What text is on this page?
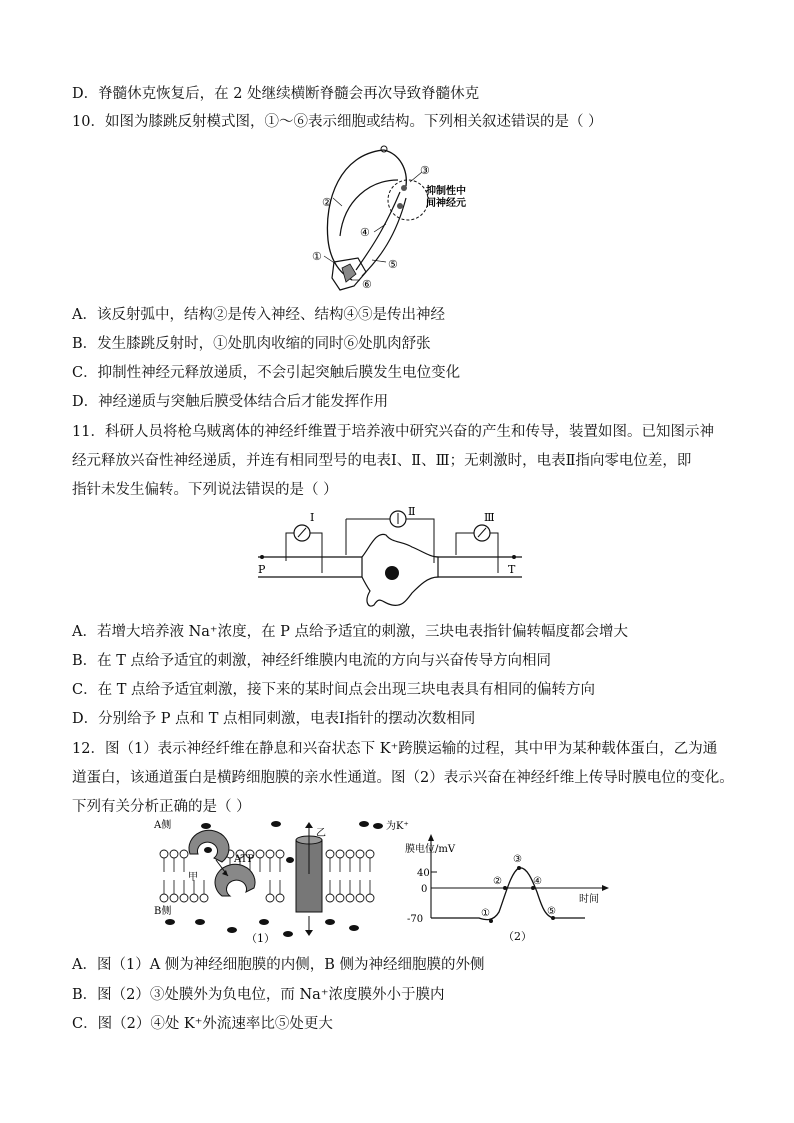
D．脊髓休克恢复后，在 2 处继续横断脊髓会再次导致脊髓休克
10．如图为膝跳反射模式图，①～⑥表示细胞或结构。下列相关叙述错误的是（ ）
①
②
③
④
⑤
⑥
抑制性中
间神经元
A．该反射弧中，结构②是传入神经、结构④⑤是传出神经
B．发生膝跳反射时，①处肌肉收缩的同时⑥处肌肉舒张
C．抑制性神经元释放递质，不会引起突触后膜发生电位变化
D．神经递质与突触后膜受体结合后才能发挥作用
11．科研人员将枪乌贼离体的神经纤维置于培养液中研究兴奋的产生和传导，装置如图。已知图示神
经元释放兴奋性神经递质，并连有相同型号的电表Ⅰ、Ⅱ、Ⅲ；无刺激时，电表Ⅱ指向零电位差，即
指针未发生偏转。下列说法错误的是（ ）
Ⅰ	Ⅱ	Ⅲ
P	T
A．若增大培养液 Na⁺浓度，在 P 点给予适宜的刺激，三块电表指针偏转幅度都会增大
B．在 T 点给予适宜的刺激，神经纤维膜内电流的方向与兴奋传导方向相同
C．在 T 点给予适宜刺激，接下来的某时间点会出现三块电表具有相同的偏转方向
D．分别给予 P 点和 T 点相同刺激，电表Ⅰ指针的摆动次数相同
12．图（1）表示神经纤维在静息和兴奋状态下 K⁺跨膜运输的过程，其中甲为某种载体蛋白，乙为通
道蛋白，该通道蛋白是横跨细胞膜的亲水性通道。图（2）表示兴奋在神经纤维上传导时膜电位的变化。
下列有关分析正确的是（ ）
A侧
B侧
ATP
甲
乙
为K⁺
（1）
膜电位/mV
40
0
-70
时间
①
②
③
④
⑤
（2）
A．图（1）A 侧为神经细胞膜的内侧，B 侧为神经细胞膜的外侧
B．图（2）③处膜外为负电位，而 Na⁺浓度膜外小于膜内
C．图（2）④处 K⁺外流速率比⑤处更大
